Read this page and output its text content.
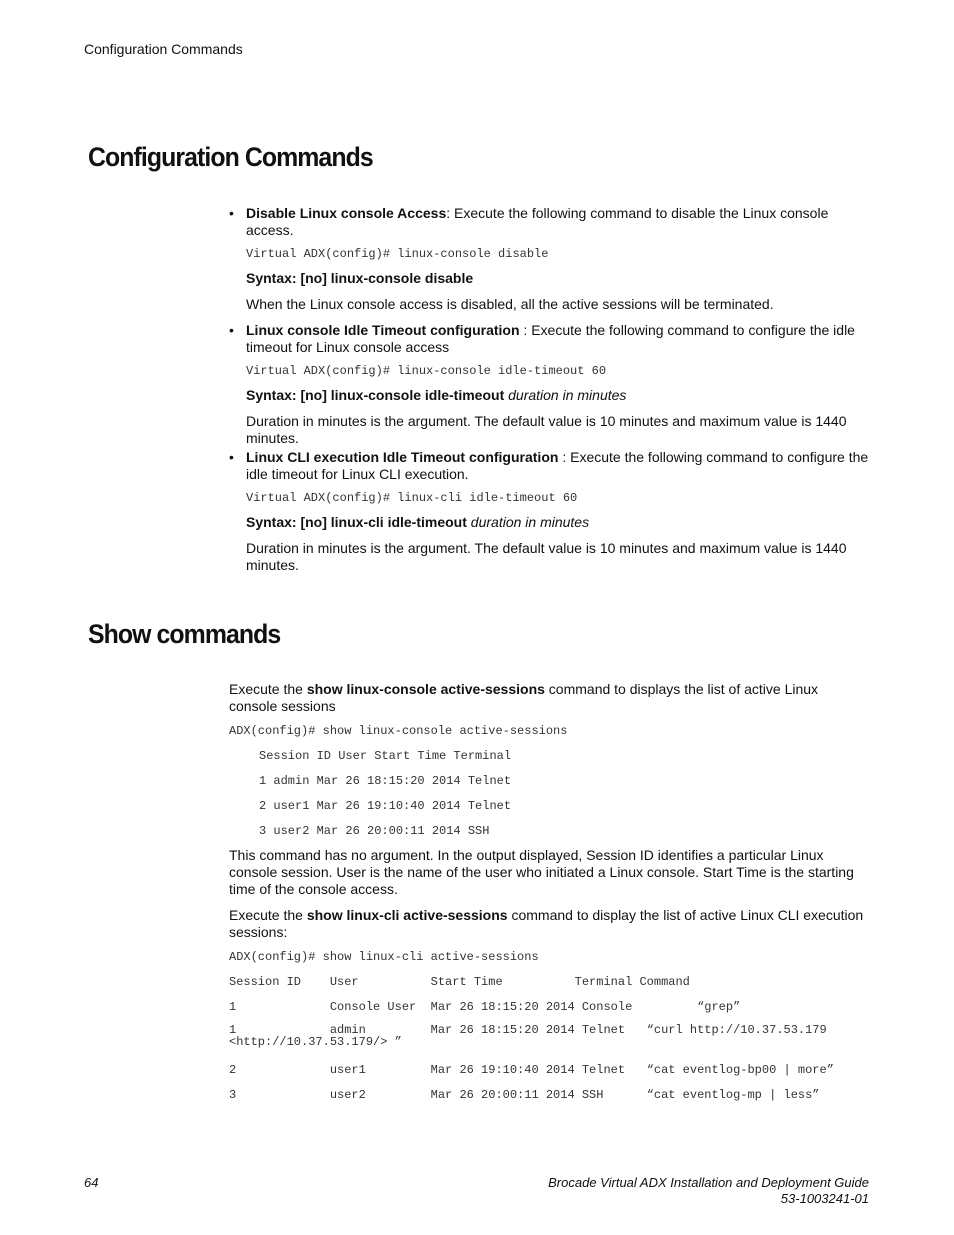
Configuration Commands
Configuration Commands
• Disable Linux console Access: Execute the following command to disable the Linux console access.
Virtual ADX(config)# linux-console disable
Syntax: [no] linux-console disable
When the Linux console access is disabled, all the active sessions will be terminated.
• Linux console Idle Timeout configuration : Execute the following command to configure the idle timeout for Linux console access
Virtual ADX(config)# linux-console idle-timeout 60
Syntax: [no] linux-console idle-timeout duration in minutes
Duration in minutes is the argument. The default value is 10 minutes and maximum value is 1440 minutes.
• Linux CLI execution Idle Timeout configuration : Execute the following command to configure the idle timeout for Linux CLI execution.
Virtual ADX(config)# linux-cli idle-timeout 60
Syntax: [no] linux-cli idle-timeout duration in minutes
Duration in minutes is the argument. The default value is 10 minutes and maximum value is 1440 minutes.
Show commands
Execute the show linux-console active-sessions command to displays the list of active Linux console sessions
ADX(config)# show linux-console active-sessions
Session ID User Start Time Terminal
1 admin Mar 26 18:15:20 2014 Telnet
2 user1 Mar 26 19:10:40 2014 Telnet
3 user2 Mar 26 20:00:11 2014 SSH
This command has no argument. In the output displayed, Session ID identifies a particular Linux console session. User is the name of the user who initiated a Linux console. Start Time is the starting time of the console access.
Execute the show linux-cli active-sessions command to display the list of active Linux CLI execution sessions:
ADX(config)# show linux-cli active-sessions
Session ID    User          Start Time          Terminal Command
1             Console User  Mar 26 18:15:20 2014 Console         “grep”
1             admin         Mar 26 18:15:20 2014 Telnet   “curl http://10.37.53.179
<http://10.37.53.179/> ”
2             user1         Mar 26 19:10:40 2014 Telnet   “cat eventlog-bp00 | more”
3             user2         Mar 26 20:00:11 2014 SSH      “cat eventlog-mp | less”
64	Brocade Virtual ADX Installation and Deployment Guide
53-1003241-01
